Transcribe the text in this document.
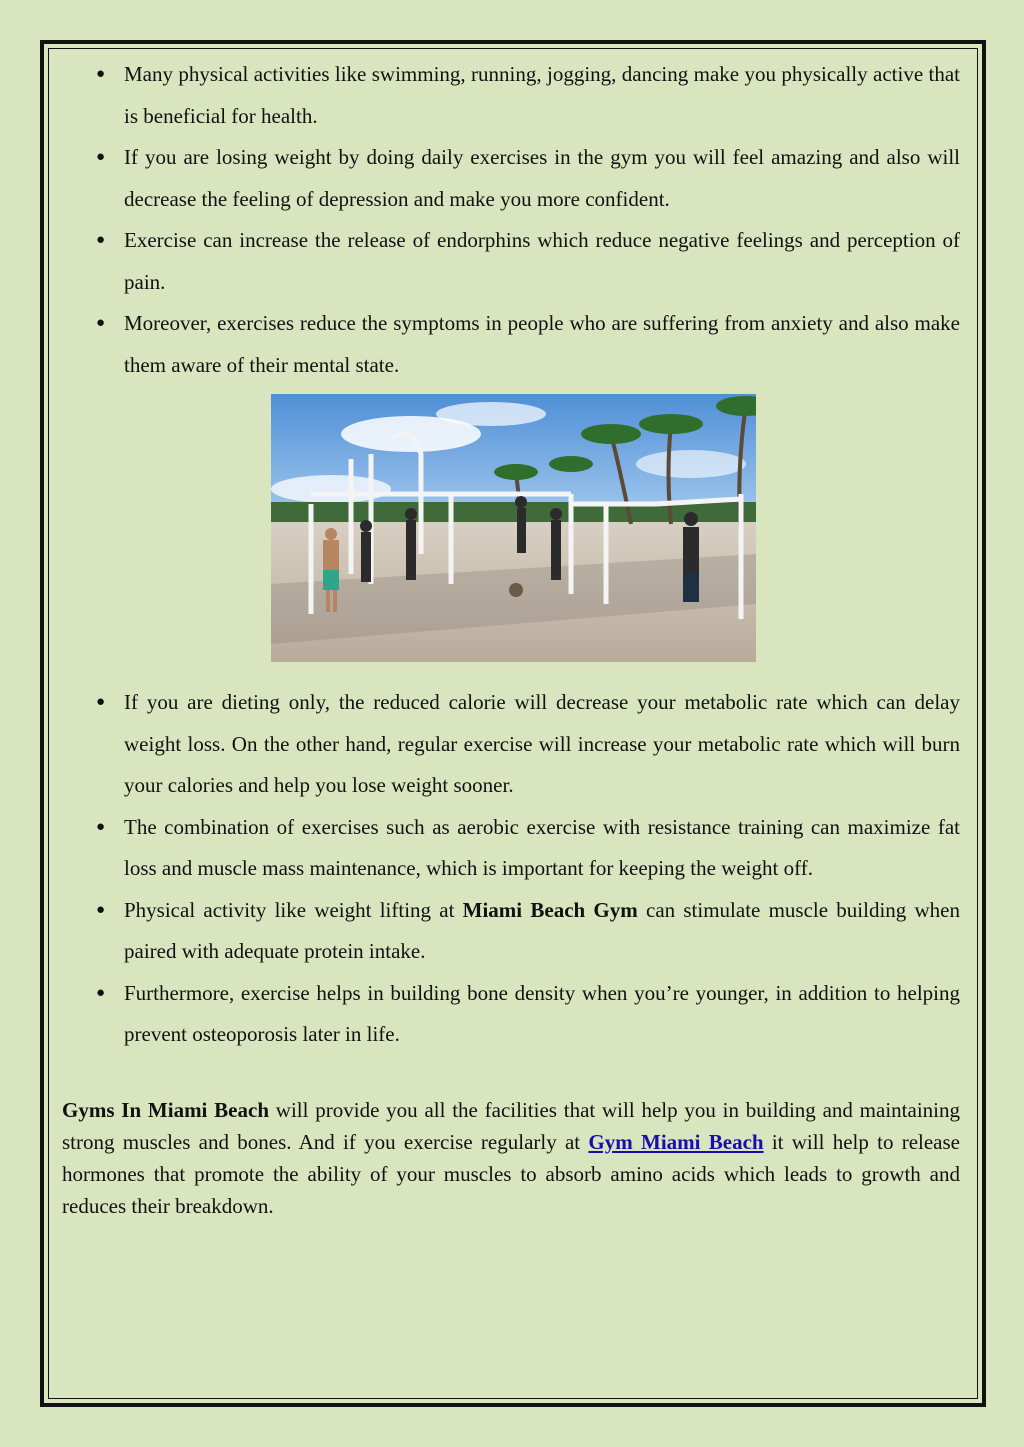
● Many physical activities like swimming, running, jogging, dancing make you physically active that is beneficial for health.
● If you are losing weight by doing daily exercises in the gym you will feel amazing and also will decrease the feeling of depression and make you more confident.
● Exercise can increase the release of endorphins which reduce negative feelings and perception of pain.
● Moreover, exercises reduce the symptoms in people who are suffering from anxiety and also make them aware of their mental state.
● If you are dieting only, the reduced calorie will decrease your metabolic rate which can delay weight loss. On the other hand, regular exercise will increase your metabolic rate which will burn your calories and help you lose weight sooner.
● The combination of exercises such as aerobic exercise with resistance training can maximize fat loss and muscle mass maintenance, which is important for keeping the weight off.
● Physical activity like weight lifting at Miami Beach Gym can stimulate muscle building when paired with adequate protein intake.
● Furthermore, exercise helps in building bone density when you’re younger, in addition to helping prevent osteoporosis later in life.

Gyms In Miami Beach will provide you all the facilities that will help you in building and maintaining strong muscles and bones. And if you exercise regularly at Gym Miami Beach it will help to release hormones that promote the ability of your muscles to absorb amino acids which leads to growth and reduces their breakdown.
